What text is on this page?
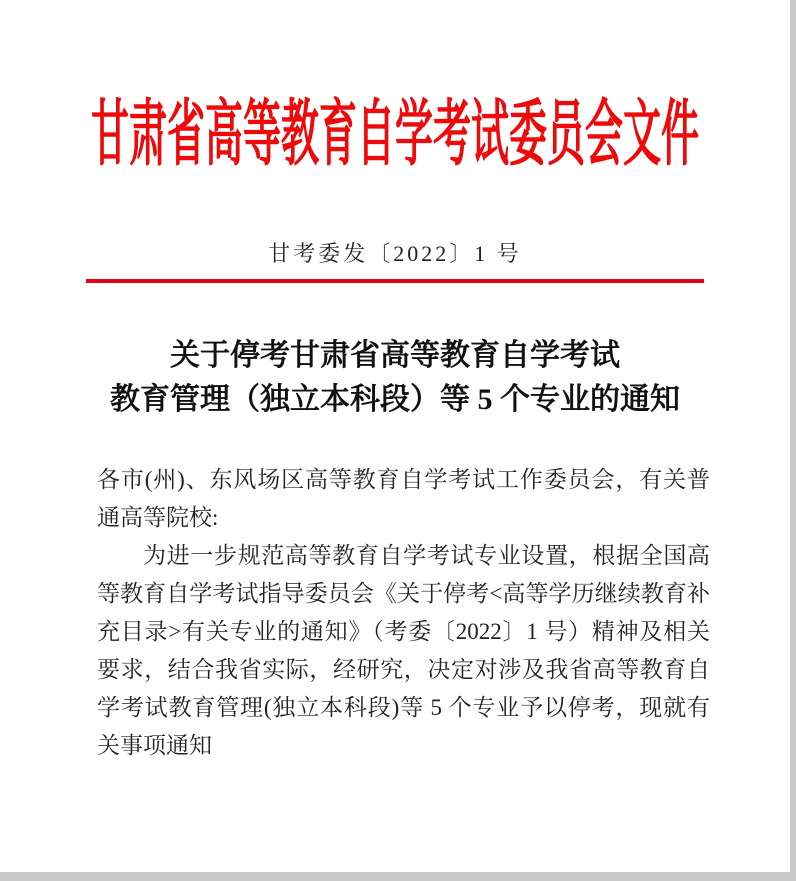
甘肃省高等教育自学考试委员会文件
甘考委发〔2022〕1 号
关于停考甘肃省高等教育自学考试
教育管理（独立本科段）等 5 个专业的通知

各市(州)、东风场区高等教育自学考试工作委员会，有关普通高等院校:

为进一步规范高等教育自学考试专业设置，根据全国高等教育自学考试指导委员会《关于停考<高等学历继续教育补充目录>有关专业的通知》（考委〔2022〕1 号）精神及相关要求，结合我省实际，经研究，决定对涉及我省高等教育自学考试教育管理(独立本科段)等 5 个专业予以停考，现就有关事项通知
